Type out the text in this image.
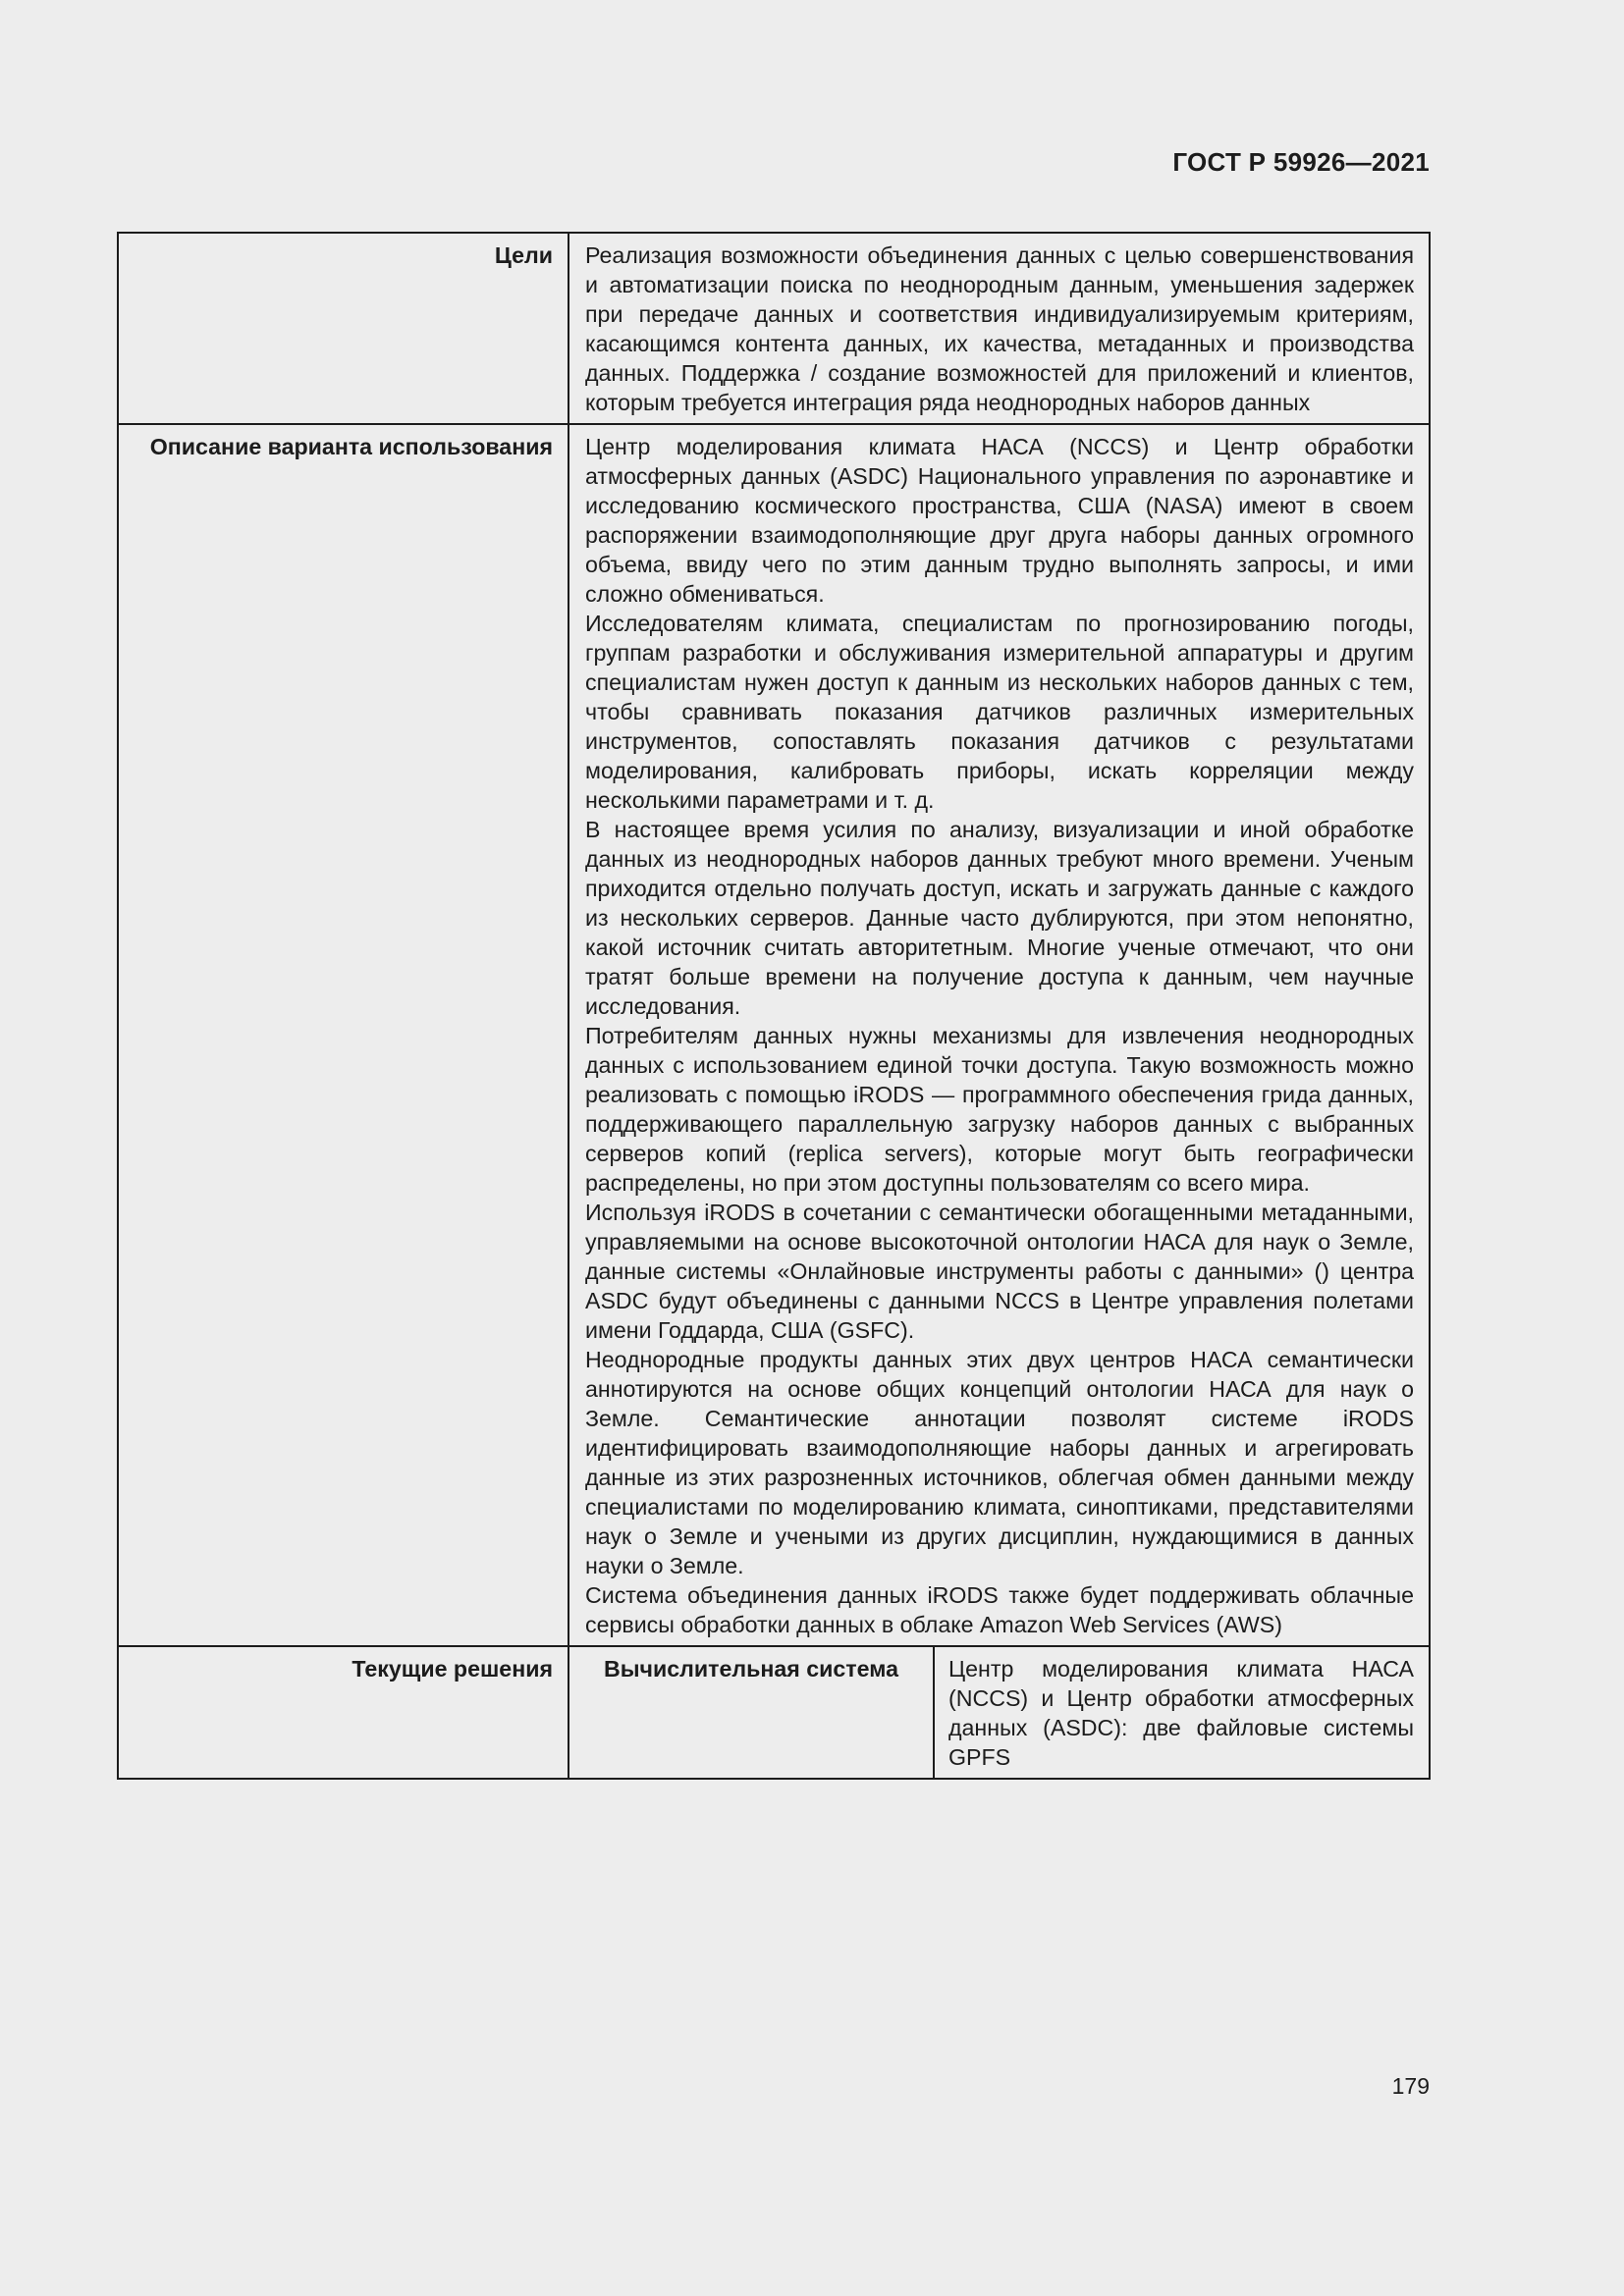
ГОСТ Р 59926—2021
Цели	Реализация возможности объединения данных с целью совершенствования и автоматизации поиска по неоднородным данным, уменьшения задержек при передаче данных и соответствия индивидуализируемым критериям, касающимся контента данных, их качества, метаданных и производства данных. Поддержка / создание возможностей для приложений и клиентов, которым требуется интеграция ряда неоднородных наборов данных

Описание варианта использования	Центр моделирования климата НАСА (NCCS) и Центр обработки атмосферных данных (ASDC) Национального управления по аэронавтике и исследованию космического пространства, США (NASA) имеют в своем распоряжении взаимодополняющие друг друга наборы данных огромного объема, ввиду чего по этим данным трудно выполнять запросы, и ими сложно обмениваться.

Исследователям климата, специалистам по прогнозированию погоды, группам разработки и обслуживания измерительной аппаратуры и другим специалистам нужен доступ к данным из нескольких наборов данных с тем, чтобы сравнивать показания датчиков различных измерительных инструментов, сопоставлять показания датчиков с результатами моделирования, калибровать приборы, искать корреляции между несколькими параметрами и т. д.

В настоящее время усилия по анализу, визуализации и иной обработке данных из неоднородных наборов данных требуют много времени. Ученым приходится отдельно получать доступ, искать и загружать данные с каждого из нескольких серверов. Данные часто дублируются, при этом непонятно, какой источник считать авторитетным. Многие ученые отмечают, что они тратят больше времени на получение доступа к данным, чем научные исследования.

Потребителям данных нужны механизмы для извлечения неоднородных данных с использованием единой точки доступа. Такую возможность можно реализовать с помощью iRODS — программного обеспечения грида данных, поддерживающего параллельную загрузку наборов данных с выбранных серверов копий (replica servers), которые могут быть географически распределены, но при этом доступны пользователям со всего мира.

Используя iRODS в сочетании с семантически обогащенными метаданными, управляемыми на основе высокоточной онтологии НАСА для наук о Земле, данные системы «Онлайновые инструменты работы с данными» () центра ASDC будут объединены с данными NCCS в Центре управления полетами имени Годдарда, США (GSFC).

Неоднородные продукты данных этих двух центров НАСА семантически аннотируются на основе общих концепций онтологии НАСА для наук о Земле. Семантические аннотации позволят системе iRODS идентифицировать взаимодополняющие наборы данных и агрегировать данные из этих разрозненных источников, облегчая обмен данными между специалистами по моделированию климата, синоптиками, представителями наук о Земле и учеными из других дисциплин, нуждающимися в данных науки о Земле.

Система объединения данных iRODS также будет поддерживать облачные сервисы обработки данных в облаке Amazon Web Services (AWS)

Текущие решения	Вычислительная система	Центр моделирования климата НАСА (NCCS) и Центр обработки атмосферных данных (ASDC): две файловые системы GPFS
179
